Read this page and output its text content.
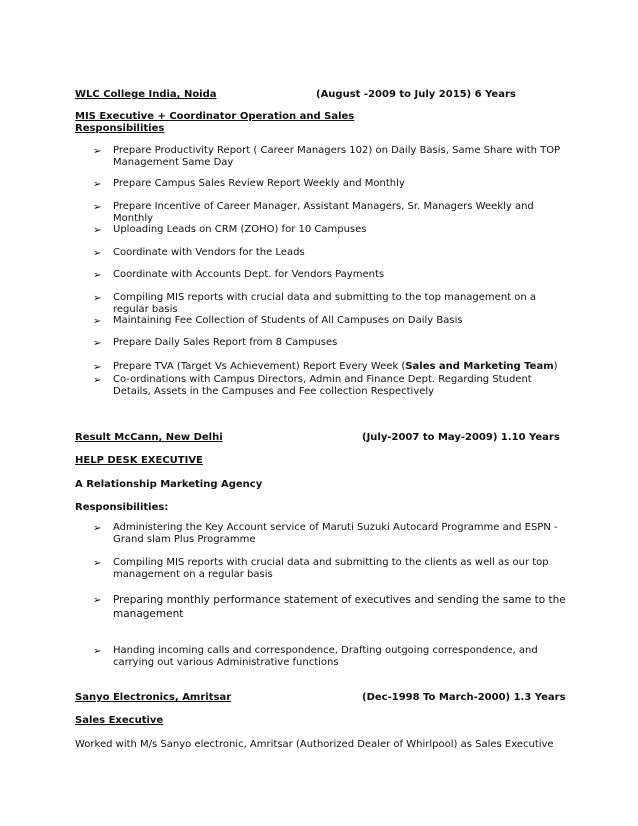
WLC College India, Noida	(August -2009 to July 2015) 6 Years
MIS Executive + Coordinator Operation and Sales
Responsibilities
➢ Prepare Productivity Report ( Career Managers 102) on Daily Basis, Same Share with TOP Management Same Day
➢ Prepare Campus Sales Review Report Weekly and Monthly
➢ Prepare Incentive of Career Manager, Assistant Managers, Sr. Managers Weekly and Monthly
➢ Uploading Leads on CRM (ZOHO) for 10 Campuses
➢ Coordinate with Vendors for the Leads
➢ Coordinate with Accounts Dept. for Vendors Payments
➢ Compiling MIS reports with crucial data and submitting to the top management on a regular basis
➢ Maintaining Fee Collection of Students of All Campuses on Daily Basis
➢ Prepare Daily Sales Report from 8 Campuses
➢ Prepare TVA (Target Vs Achievement) Report Every Week (Sales and Marketing Team)
➢ Co-ordinations with Campus Directors, Admin and Finance Dept. Regarding Student Details, Assets in the Campuses and Fee collection Respectively
Result McCann, New Delhi	(July-2007 to May-2009) 1.10 Years
HELP DESK EXECUTIVE
A Relationship Marketing Agency
Responsibilities:
➢ Administering the Key Account service of Maruti Suzuki Autocard Programme and ESPN - Grand slam Plus Programme
➢ Compiling MIS reports with crucial data and submitting to the clients as well as our top management on a regular basis
➢ Preparing monthly performance statement of executives and sending the same to the management
➢ Handing incoming calls and correspondence, Drafting outgoing correspondence, and carrying out various Administrative functions
Sanyo Electronics, Amritsar	(Dec-1998 To March-2000) 1.3 Years
Sales Executive
Worked with M/s Sanyo electronic, Amritsar (Authorized Dealer of Whirlpool) as Sales Executive
